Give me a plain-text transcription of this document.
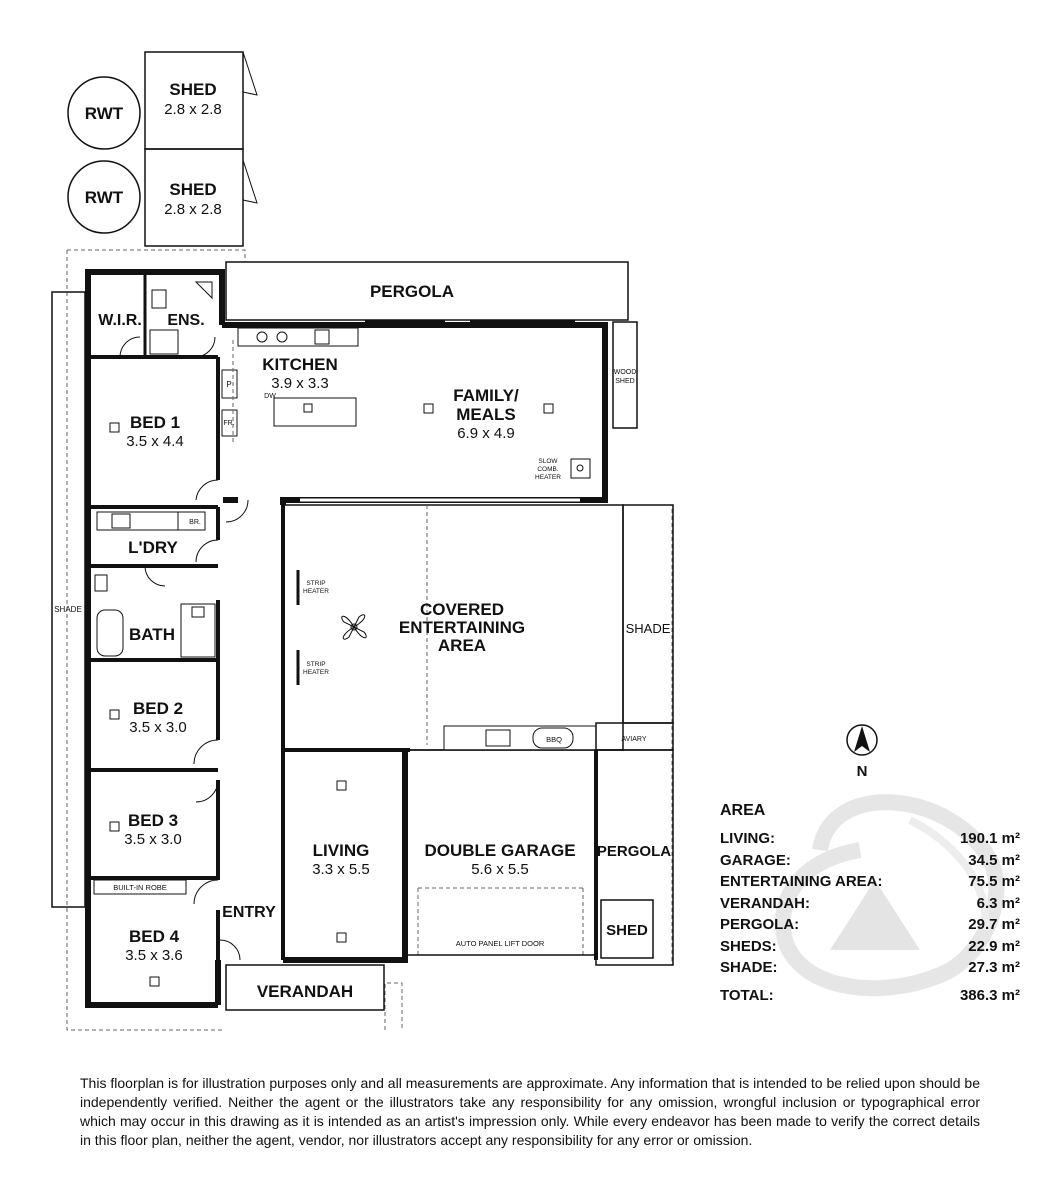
RWT
RWT
SHED
2.8 x 2.8
SHED
2.8 x 2.8
PERGOLA
WOOD
SHED
SHADE
P
FR.
DW
KITCHEN
3.9 x 3.3
FAMILY/
MEALS
6.9 x 4.9
SLOW
COMB.
HEATER
W.I.R. ENS.
BED 1
3.5 x 4.4
BR.
L'DRY
BATH
BED 2
3.5 x 3.0
BED 3
3.5 x 3.0
BUILT-IN ROBE
BED 4
3.5 x 3.6
COVERED
ENTERTAINING
AREA
STRIP
HEATER
STRIP
HEATER
BBQ
SHADE
AVIARY
LIVING
3.3 x 5.5
DOUBLE GARAGE
5.6 x 5.5
AUTO PANEL LIFT DOOR
PERGOLA
SHED
ENTRY
VERANDAH
N
AREA
LIVING:	190.1 m²
GARAGE:	34.5 m²
ENTERTAINING AREA:	75.5 m²
VERANDAH:	6.3 m²
PERGOLA:	29.7 m²
SHEDS:	22.9 m²
SHADE:	27.3 m²
TOTAL:	386.3 m²
This floorplan is for illustration purposes only and all measurements are approximate. Any information that is intended to be relied upon should be independently verified. Neither the agent or the illustrators take any responsibility for any omission, wrongful inclusion or typographical error which may occur in this drawing as it is intended as an artist's impression only. While every endeavor has been made to verify the correct details in this floor plan, neither the agent, vendor, nor illustrators accept any responsibility for any error or omission.
